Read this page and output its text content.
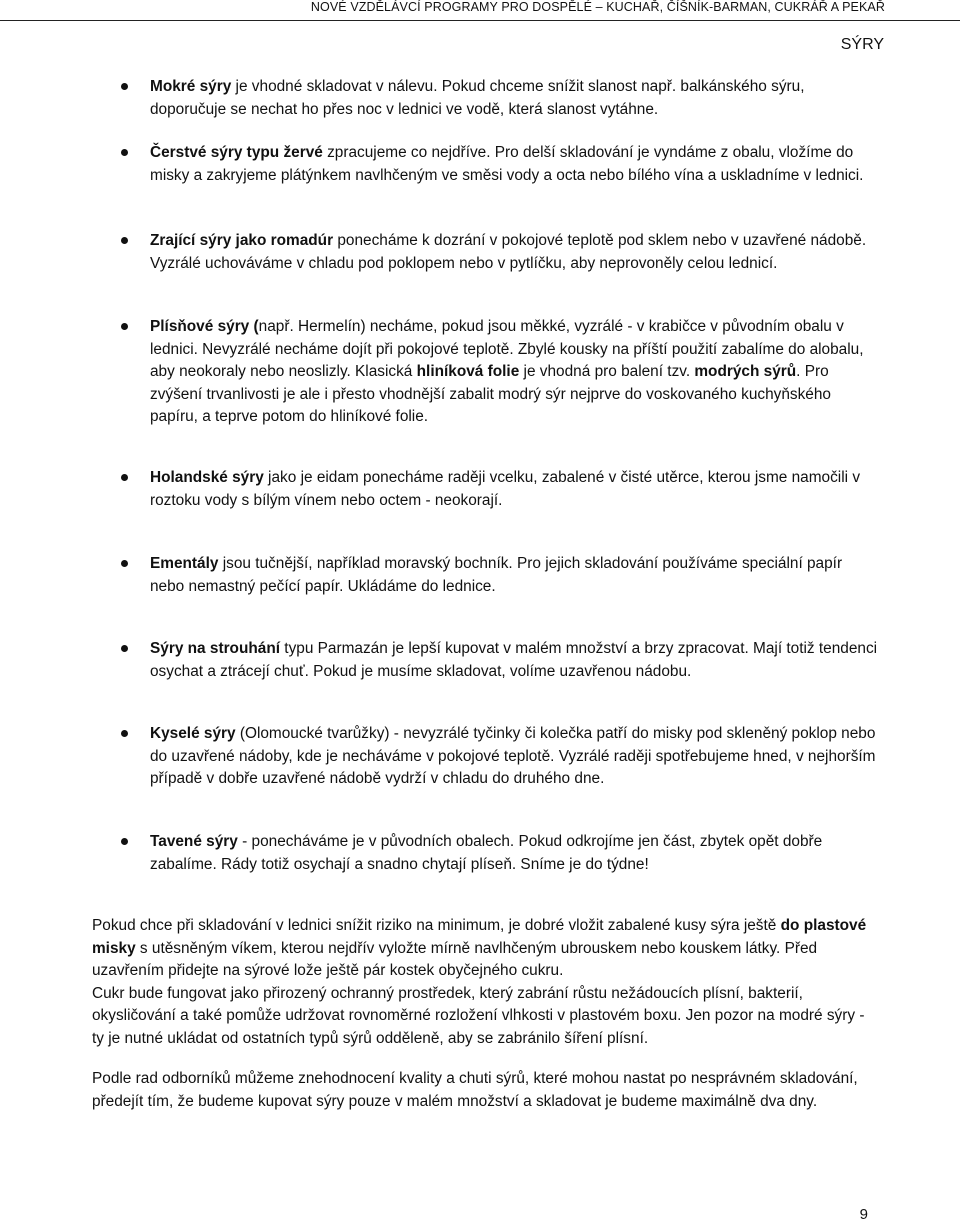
NOVÉ VZDĚLÁVCÍ PROGRAMY PRO DOSPĚLÉ – KUCHAŘ, ČÍŠNÍK-BARMAN, CUKRÁŘ A PEKAŘ
SÝRY
Mokré sýry je vhodné skladovat v nálevu. Pokud chceme snížit slanost např. balkánského sýru, doporučuje se nechat ho přes noc v lednici ve vodě, která slanost vytáhne.
Čerstvé sýry typu žervé zpracujeme co nejdříve. Pro delší skladování je vyndáme z obalu, vložíme do misky a zakryjeme plátýnkem navlhčeným ve směsi vody a octa nebo bílého vína a uskladníme v lednici.
Zrající sýry jako romadúr ponecháme k dozrání v pokojové teplotě pod sklem nebo v uzavřené nádobě. Vyzrálé uchováváme v chladu pod poklopem nebo v pytlíčku, aby neprovoněly celou lednicí.
Plísňové sýry (např. Hermelín) necháme, pokud jsou měkké, vyzrálé - v krabičce v původním obalu v lednici. Nevyzrálé necháme dojít při pokojové teplotě. Zbylé kousky na příští použití zabalíme do alobalu, aby neokoraly nebo neoslizly. Klasická hliníková folie je vhodná pro balení tzv. modrých sýrů. Pro zvýšení trvanlivosti je ale i přesto vhodnější zabalit modrý sýr nejprve do voskovaného kuchyňského papíru, a teprve potom do hliníkové folie.
Holandské sýry jako je eidam ponecháme raději vcelku, zabalené v čisté utěrce, kterou jsme namočili v roztoku vody s bílým vínem nebo octem - neokorají.
Ementály jsou tučnější, například moravský bochník. Pro jejich skladování používáme speciální papír nebo nemastný pečící papír. Ukládáme do lednice.
Sýry na strouhání typu Parmazán je lepší kupovat v malém množství a brzy zpracovat. Mají totiž tendenci osychat a ztrácejí chuť. Pokud je musíme skladovat, volíme uzavřenou nádobu.
Kyselé sýry (Olomoucké tvarůžky) - nevyzrálé tyčinky či kolečka patří do misky pod skleněný poklop nebo do uzavřené nádoby, kde je necháváme v pokojové teplotě. Vyzrálé raději spotřebujeme hned, v nejhorším případě v dobře uzavřené nádobě vydrží v chladu do druhého dne.
Tavené sýry - ponecháváme je v původních obalech. Pokud odkrojíme jen část, zbytek opět dobře zabalíme. Rády totiž osychají a snadno chytají plíseň. Snímе je do týdne!
Pokud chce při skladování v lednici snížit riziko na minimum, je dobré vložit zabalené kusy sýra ještě do plastové misky s utěsněným víkem, kterou nejdřív vyložte mírně navlhčeným ubrouskem nebo kouskem látky. Před uzavřením přidejte na sýrové lože ještě pár kostek obyčejného cukru.
Cukr bude fungovat jako přirozený ochranný prostředek, který zabrání růstu nežádoucích plísní, bakterií, okysličování a také pomůže udržovat rovnoměrné rozložení vlhkosti v plastovém boxu. Jen pozor na modré sýry - ty je nutné ukládat od ostatních typů sýrů odděleně, aby se zabránilo šíření plísní.
Podle rad odborníků můžeme znehodnocení kvality a chuti sýrů, které mohou nastat po nesprávném skladování, předejít tím, že budeme kupovat sýry pouze v malém množství a skladovat je budeme maximálně dva dny.
9
